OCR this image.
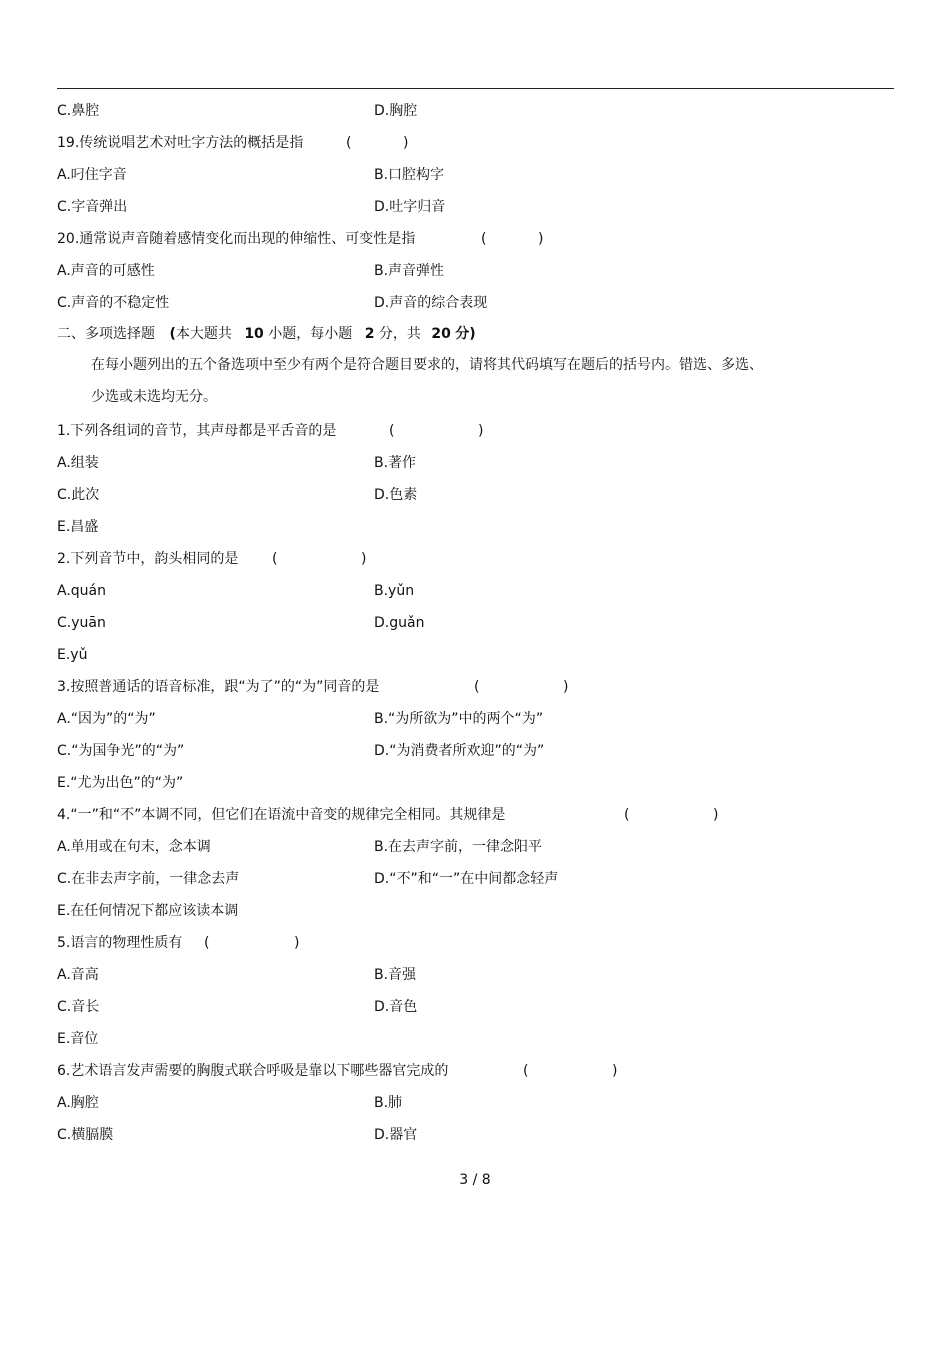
C.鼻腔	D.胸腔
19.传统说唱艺术对吐字方法的概括是指	(	)
A.叼住字音	B.口腔构字
C.字音弹出	D.吐字归音
20.通常说声音随着感情变化而出现的伸缩性、可变性是指	(	)
A.声音的可感性	B.声音弹性
C.声音的不稳定性	D.声音的综合表现
二、多项选择题 (本大题共 10 小题，每小题 2 分，共 20 分)
在每小题列出的五个备选项中至少有两个是符合题目要求的，请将其代码填写在题后的括号内。错选、多选、
少选或未选均无分。
1.下列各组词的音节，其声母都是平舌音的是	(	)
A.组装	B.著作
C.此次	D.色素
E.昌盛
2.下列音节中，韵头相同的是 (	)
A.quán	B.yǔn
C.yuān	D.guǎn
E.yǔ
3.按照普通话的语音标准，跟“为了”的“为”同音的是	(	)
A.“因为”的“为”	B.“为所欲为”中的两个“为”
C.“为国争光”的“为”	D.“为消费者所欢迎”的“为”
E.“尤为出色”的“为”
4.“一”和“不”本调不同，但它们在语流中音变的规律完全相同。其规律是	(	)
A.单用或在句末，念本调	B.在去声字前，一律念阳平
C.在非去声字前，一律念去声	D.“不”和“一”在中间都念轻声
E.在任何情况下都应该读本调
5.语言的物理性质有 (	)
A.音高	B.音强
C.音长	D.音色
E.音位
6.艺术语言发声需要的胸腹式联合呼吸是靠以下哪些器官完成的	(	)
A.胸腔	B.肺
C.横膈膜	D.器官
3 / 8
